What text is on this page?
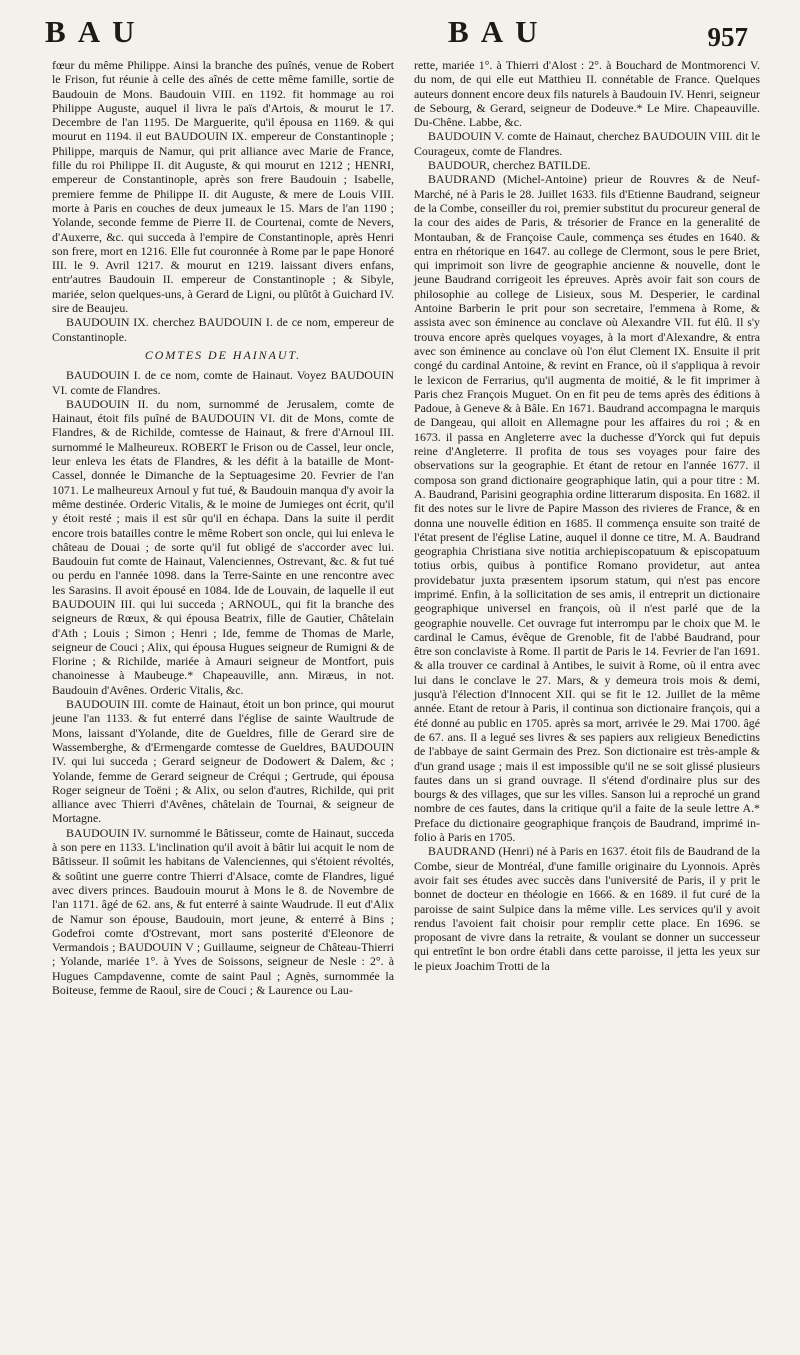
B A U	B A U	957

fœur du même Philippe. Ainsi la branche des puînés, venue de Robert le Frison, fut réunie à celle des aînés de cette même famille, sortie de Baudouin de Mons. Baudouin VIII. en 1192. fit hommage au roi Philippe Auguste, auquel il livra le païs d'Artois, & mourut le 17. Decembre de l'an 1195. De Marguerite, qu'il épousa en 1169. & qui mourut en 1194. il eut BAUDOUIN IX. empereur de Constantinople ; Philippe, marquis de Namur, qui prit alliance avec Marie de France, fille du roi Philippe II. dit Auguste, & qui mourut en 1212 ; HENRI, empereur de Constantinople, après son frere Baudouin ; Isabelle, premiere femme de Philippe II. dit Auguste, & mere de Louis VIII. morte à Paris en couches de deux jumeaux le 15. Mars de l'an 1190 ; Yolande, seconde femme de Pierre II. de Courtenai, comte de Nevers, d'Auxerre, &c. qui succeda à l'empire de Constantinople, après Henri son frere, mort en 1216. Elle fut couronnée à Rome par le pape Honoré III. le 9. Avril 1217. & mourut en 1219. laissant divers enfans, entr'autres Baudouin II. empereur de Constantinople ; & Sibyle, mariée, selon quelques-uns, à Gerard de Ligni, ou plûtôt à Guichard IV. sire de Beaujeu.

BAUDOUIN IX. cherchez BAUDOUIN I. de ce nom, empereur de Constantinople.

COMTES DE HAINAUT.

BAUDOUIN I. de ce nom, comte de Hainaut. Voyez BAUDOUIN VI. comte de Flandres.

BAUDOUIN II. du nom, surnommé de Jerusalem, comte de Hainaut, étoit fils puîné de BAUDOUIN VI. dit de Mons, comte de Flandres, & de Richilde, comtesse de Hainaut, & frere d'Arnoul III. surnommé le Malheureux. ROBERT le Frison ou de Cassel, leur oncle, leur enleva les états de Flandres, & les défit à la bataille de Mont-Cassel, donnée le Dimanche de la Septuagesime 20. Fevrier de l'an 1071. Le malheureux Arnoul y fut tué, & Baudouin manqua d'y avoir la même destinée. Orderic Vitalis, & le moine de Jumieges ont écrit, qu'il y étoit resté ; mais il est sûr qu'il en échapa. Dans la suite il perdit encore trois batailles contre le même Robert son oncle, qui lui enleva le château de Douai ; de sorte qu'il fut obligé de s'accorder avec lui. Baudouin fut comte de Hainaut, Valenciennes, Ostrevant, &c. & fut tué ou perdu en l'année 1098. dans la Terre-Sainte en une rencontre avec les Sarasins. Il avoit épousé en 1084. Ide de Louvain, de laquelle il eut BAUDOUIN III. qui lui succeda ; ARNOUL, qui fit la branche des seigneurs de Rœux, & qui épousa Beatrix, fille de Gautier, Châtelain d'Ath ; Louis ; Simon ; Henri ; Ide, femme de Thomas de Marle, seigneur de Couci ; Alix, qui épousa Hugues seigneur de Rumigni & de Florine ; & Richilde, mariée à Amauri seigneur de Montfort, puis chanoinesse à Maubeuge.* Chapeauville, ann. Miræus, in not. Baudouin d'Avênes. Orderic Vitalis, &c.

BAUDOUIN III. comte de Hainaut, étoit un bon prince, qui mourut jeune l'an 1133. & fut enterré dans l'église de sainte Waultrude de Mons, laissant d'Yolande, dite de Gueldres, fille de Gerard sire de Wassemberghe, & d'Ermengarde comtesse de Gueldres, BAUDOUIN IV. qui lui succeda ; Gerard seigneur de Dodowert & Dalem, &c ; Yolande, femme de Gerard seigneur de Créqui ; Gertrude, qui épousa Roger seigneur de Toëni ; & Alix, ou selon d'autres, Richilde, qui prit alliance avec Thierri d'Avênes, châtelain de Tournai, & seigneur de Mortagne.

BAUDOUIN IV. surnommé le Bâtisseur, comte de Hainaut, succeda à son pere en 1133. L'inclination qu'il avoit à bâtir lui acquit le nom de Bâtisseur. Il soûmit les habitans de Valenciennes, qui s'étoient révoltés, & soûtint une guerre contre Thierri d'Alsace, comte de Flandres, ligué avec divers princes. Baudouin mourut à Mons le 8. de Novembre de l'an 1171. âgé de 62. ans, & fut enterré à sainte Waudrude. Il eut d'Alix de Namur son épouse, Baudouin, mort jeune, & enterré à Bins ; Godefroi comte d'Ostrevant, mort sans posterité d'Eleonore de Vermandois ; BAUDOUIN V ; Guillaume, seigneur de Château-Thierri ; Yolande, mariée 1°. à Yves de Soissons, seigneur de Nesle : 2°. à Hugues Campdavenne, comte de saint Paul ; Agnès, surnommée la Boiteuse, femme de Raoul, sire de Couci ; & Laurence ou Lau-

rette, mariée 1°. à Thierri d'Alost : 2°. à Bouchard de Montmorenci V. du nom, de qui elle eut Matthieu II. connétable de France. Quelques auteurs donnent encore deux fils naturels à Baudouin IV. Henri, seigneur de Sebourg, & Gerard, seigneur de Dodeuve.* Le Mire. Chapeauville. Du-Chêne. Labbe, &c.

BAUDOUIN V. comte de Hainaut, cherchez BAUDOUIN VIII. dit le Courageux, comte de Flandres.

BAUDOUR, cherchez BATILDE.

BAUDRAND (Michel-Antoine) prieur de Rouvres & de Neuf-Marché, né à Paris le 28. Juillet 1633. fils d'Etienne Baudrand, seigneur de la Combe, conseiller du roi, premier substitut du procureur general de la cour des aides de Paris, & trésorier de France en la generalité de Montauban, & de Françoise Caule, commença ses études en 1640. & entra en rhétorique en 1647. au college de Clermont, sous le pere Briet, qui imprimoit son livre de geographie ancienne & nouvelle, dont le jeune Baudrand corrigeoit les épreuves. Après avoir fait son cours de philosophie au college de Lisieux, sous M. Desperier, le cardinal Antoine Barberin le prit pour son secretaire, l'emmena à Rome, & assista avec son éminence au conclave où Alexandre VII. fut élû. Il s'y trouva encore après quelques voyages, à la mort d'Alexandre, & entra avec son éminence au conclave où l'on élut Clement IX. Ensuite il prit congé du cardinal Antoine, & revint en France, où il s'appliqua à revoir le lexicon de Ferrarius, qu'il augmenta de moitié, & le fit imprimer à Paris chez François Muguet. On en fit peu de tems après des éditions à Padoue, à Geneve & à Bâle. En 1671. Baudrand accompagna le marquis de Dangeau, qui alloit en Allemagne pour les affaires du roi ; & en 1673. il passa en Angleterre avec la duchesse d'Yorck qui fut depuis reine d'Angleterre. Il profita de tous ses voyages pour faire des observations sur la geographie. Et étant de retour en l'année 1677. il composa son grand dictionaire geographique latin, qui a pour titre : M. A. Baudrand, Parisini geographia ordine litterarum disposita. En 1682. il fit des notes sur le livre de Papire Masson des rivieres de France, & en donna une nouvelle édition en 1685. Il commença ensuite son traité de l'état present de l'église Latine, auquel il donne ce titre, M. A. Baudrand geographia Christiana sive notitia archiepiscopatuum & episcopatuum totius orbis, quibus à pontifice Romano providetur, aut antea providebatur juxta præsentem ipsorum statum, qui n'est pas encore imprimé. Enfin, à la sollicitation de ses amis, il entreprit un dictionaire geographique universel en françois, où il n'est parlé que de la geographie nouvelle. Cet ouvrage fut interrompu par le choix que M. le cardinal le Camus, évêque de Grenoble, fit de l'abbé Baudrand, pour être son conclaviste à Rome. Il partit de Paris le 14. Fevrier de l'an 1691. & alla trouver ce cardinal à Antibes, le suivit à Rome, où il entra avec lui dans le conclave le 27. Mars, & y demeura trois mois & demi, jusqu'à l'élection d'Innocent XII. qui se fit le 12. Juillet de la même année. Etant de retour à Paris, il continua son dictionaire françois, qui a été donné au public en 1705. après sa mort, arrivée le 29. Mai 1700. âgé de 67. ans. Il a legué ses livres & ses papiers aux religieux Benedictins de l'abbaye de saint Germain des Prez. Son dictionaire est très-ample & d'un grand usage ; mais il est impossible qu'il ne se soit glissé plusieurs fautes dans un si grand ouvrage. Il s'étend d'ordinaire plus sur des bourgs & des villages, que sur les villes. Sanson lui a reproché un grand nombre de ces fautes, dans la critique qu'il a faite de la seule lettre A.* Preface du dictionaire geographique françois de Baudrand, imprimé in-folio à Paris en 1705.

BAUDRAND (Henri) né à Paris en 1637. étoit fils de Baudrand de la Combe, sieur de Montréal, d'une famille originaire du Lyonnois. Après avoir fait ses études avec succès dans l'université de Paris, il y prit le bonnet de docteur en théologie en 1666. & en 1689. il fut curé de la paroisse de saint Sulpice dans la même ville. Les services qu'il y avoit rendus l'avoient fait choisir pour remplir cette place. En 1696. se proposant de vivre dans la retraite, & voulant se donner un successeur qui entretînt le bon ordre établi dans cette paroisse, il jetta les yeux sur le pieux Joachim Trotti de la
